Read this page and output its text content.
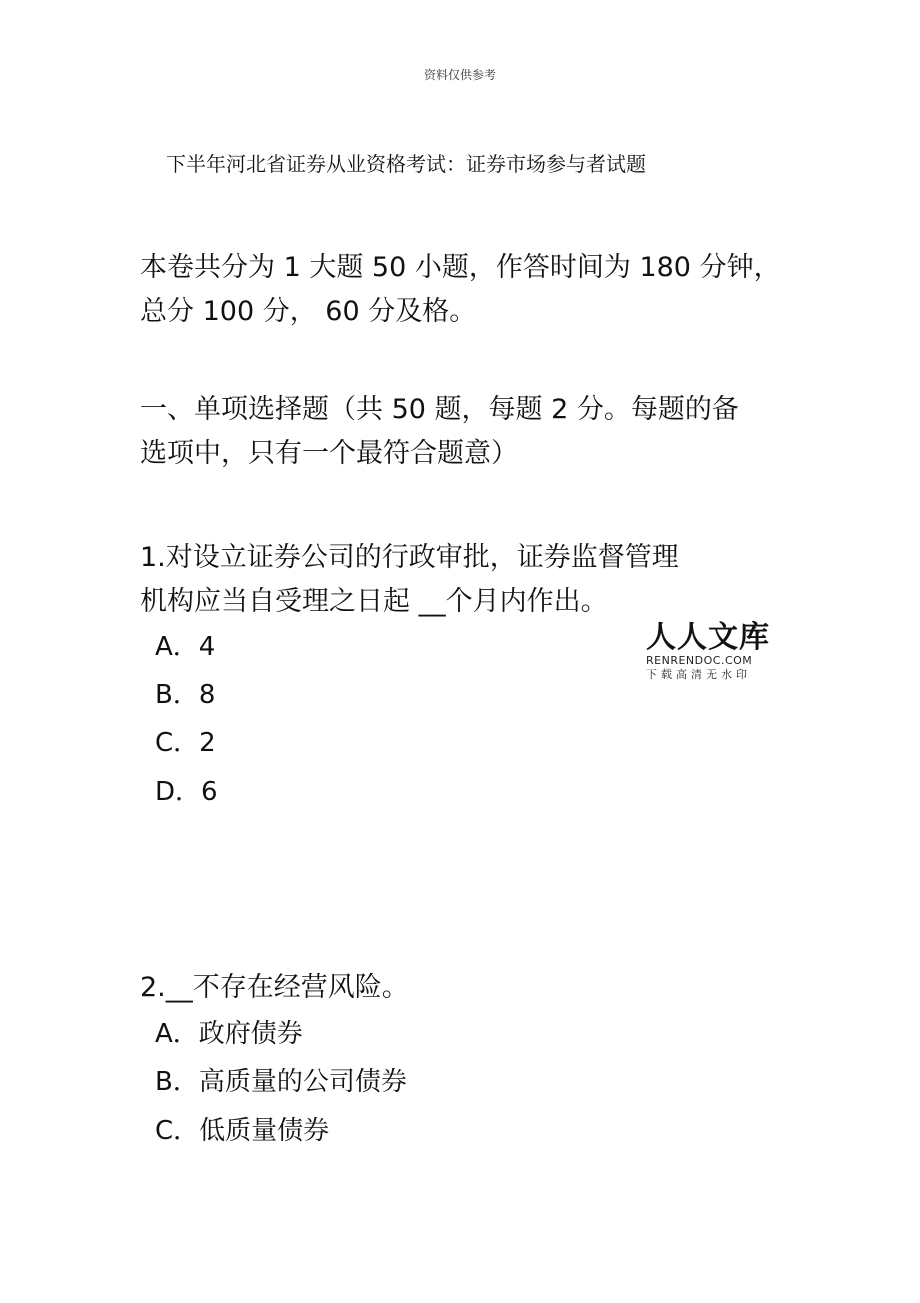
资料仅供参考
下半年河北省证券从业资格考试：证券市场参与者试题
本卷共分为 1 大题 50 小题，作答时间为 180 分钟，
总分 100 分， 60 分及格。
一、单项选择题（共 50 题，每题 2 分。每题的备
选项中，只有一个最符合题意）
1.对设立证券公司的行政审批，证券监督管理
机构应当自受理之日起 __个月内作出。
A．4
B．8
C．2
D．6
人人文库
RENRENDOC.COM
下载高清无水印
2.__不存在经营风险。
A．政府债券
B．高质量的公司债券
C．低质量债券
